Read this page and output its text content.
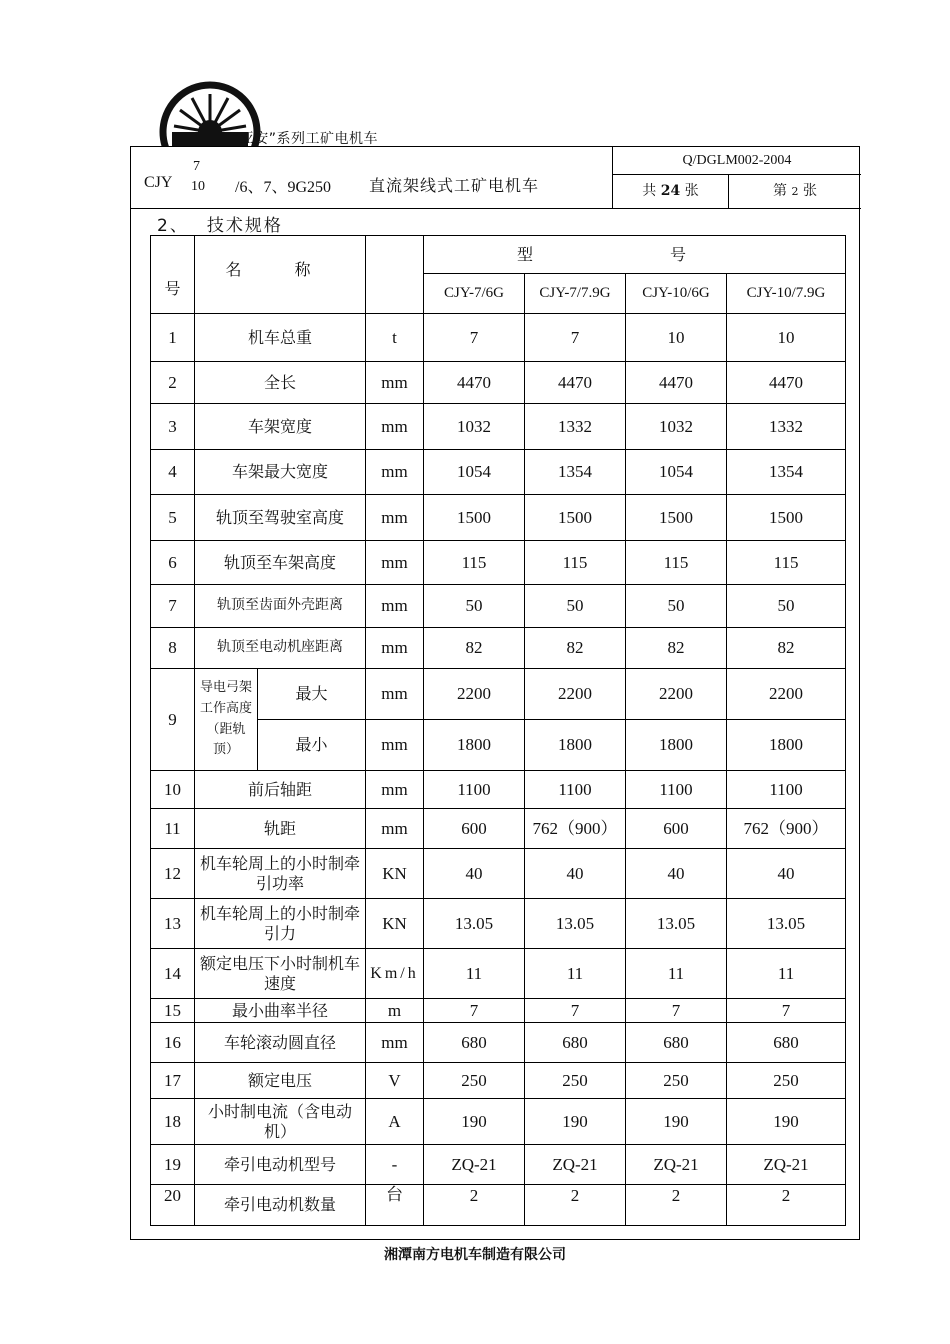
“亚安”系列工矿电机车
CJY
7
10 /6、7、9G250 直流架线式工矿电机车
Q/DGLM002-2004
共 24 张	第 2 张
2、 技术规格
号	名 称			型 号			
				CJY-7/6G	CJY-7/7.9G	CJY-10/6G	CJY-10/7.9G
1	机车总重		t	7	7	10	10
2	全长		mm	4470	4470	4470	4470
3	车架宽度		mm	1032	1332	1032	1332
4	车架最大宽度		mm	1054	1354	1054	1354
5	轨顶至驾驶室高度		mm	1500	1500	1500	1500
6	轨顶至车架高度		mm	115	115	115	115
7	轨顶至齿面外壳距离		mm	50	50	50	50
8	轨顶至电动机座距离		mm	82	82	82	82
9	导电弓架工作高度（距轨顶）	最大	mm	2200	2200	2200	2200
		最小	mm	1800	1800	1800	1800
10	前后轴距		mm	1100	1100	1100	1100
11	轨距		mm	600	762（900）	600	762（900）
12	机车轮周上的小时制牵引功率		KN	40	40	40	40
13	机车轮周上的小时制牵引力		KN	13.05	13.05	13.05	13.05
14	额定电压下小时制机车速度		Km/h	11	11	11	11
15	最小曲率半径		m	7	7	7	7
16	车轮滚动圆直径		mm	680	680	680	680
17	额定电压		V	250	250	250	250
18	小时制电流（含电动机）		A	190	190	190	190
19	牵引电动机型号		-	ZQ-21	ZQ-21	ZQ-21	ZQ-21
20	牵引电动机数量		台	2	2	2	2
湘潭南方电机车制造有限公司
